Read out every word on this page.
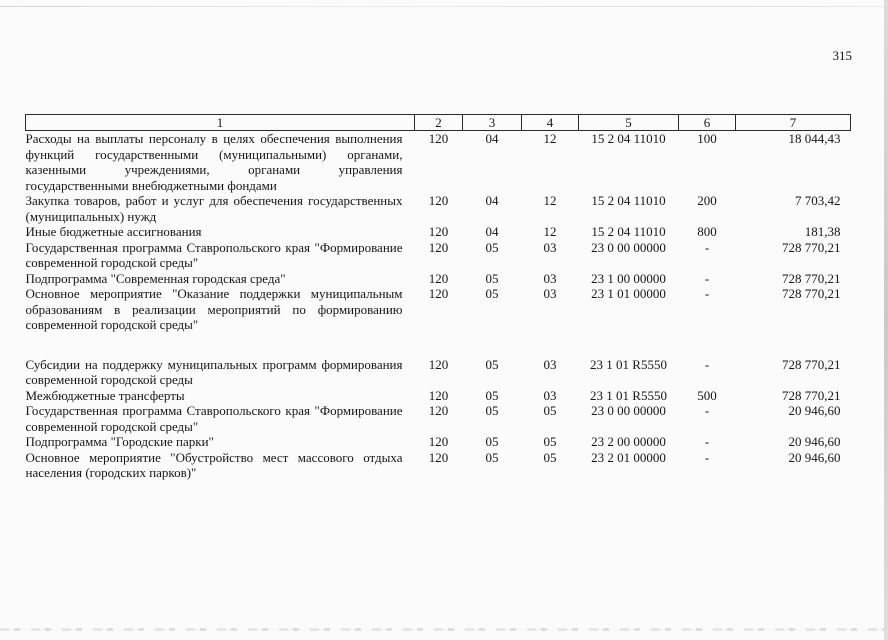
315
1	2	3	4	5	6	7
Расходы на выплаты персоналу в целях обеспечения выполнения функций государственными (муниципальными) органами, казенными учреждениями, органами управления государственными внебюджетными фондами	120	04	12	15 2 04 11010	100	18 044,43
Закупка товаров, работ и услуг для обеспечения государственных (муниципальных) нужд	120	04	12	15 2 04 11010	200	7 703,42
Иные бюджетные ассигнования	120	04	12	15 2 04 11010	800	181,38
Государственная программа Ставропольского края "Формирование современной городской среды"	120	05	03	23 0 00 00000	-	728 770,21
Подпрограмма "Современная городская среда"	120	05	03	23 1 00 00000	-	728 770,21
Основное мероприятие "Оказание поддержки муниципальным образованиям в реализации мероприятий по формированию современной городской среды"	120	05	03	23 1 01 00000	-	728 770,21

Субсидии на поддержку муниципальных программ формирования современной городской среды	120	05	03	23 1 01 R5550	-	728 770,21
Межбюджетные трансферты	120	05	03	23 1 01 R5550	500	728 770,21
Государственная программа Ставропольского края "Формирование современной городской среды"	120	05	05	23 0 00 00000	-	20 946,60
Подпрограмма "Городские парки"	120	05	05	23 2 00 00000	-	20 946,60
Основное мероприятие "Обустройство мест массового отдыха населения (городских парков)"	120	05	05	23 2 01 00000	-	20 946,60
